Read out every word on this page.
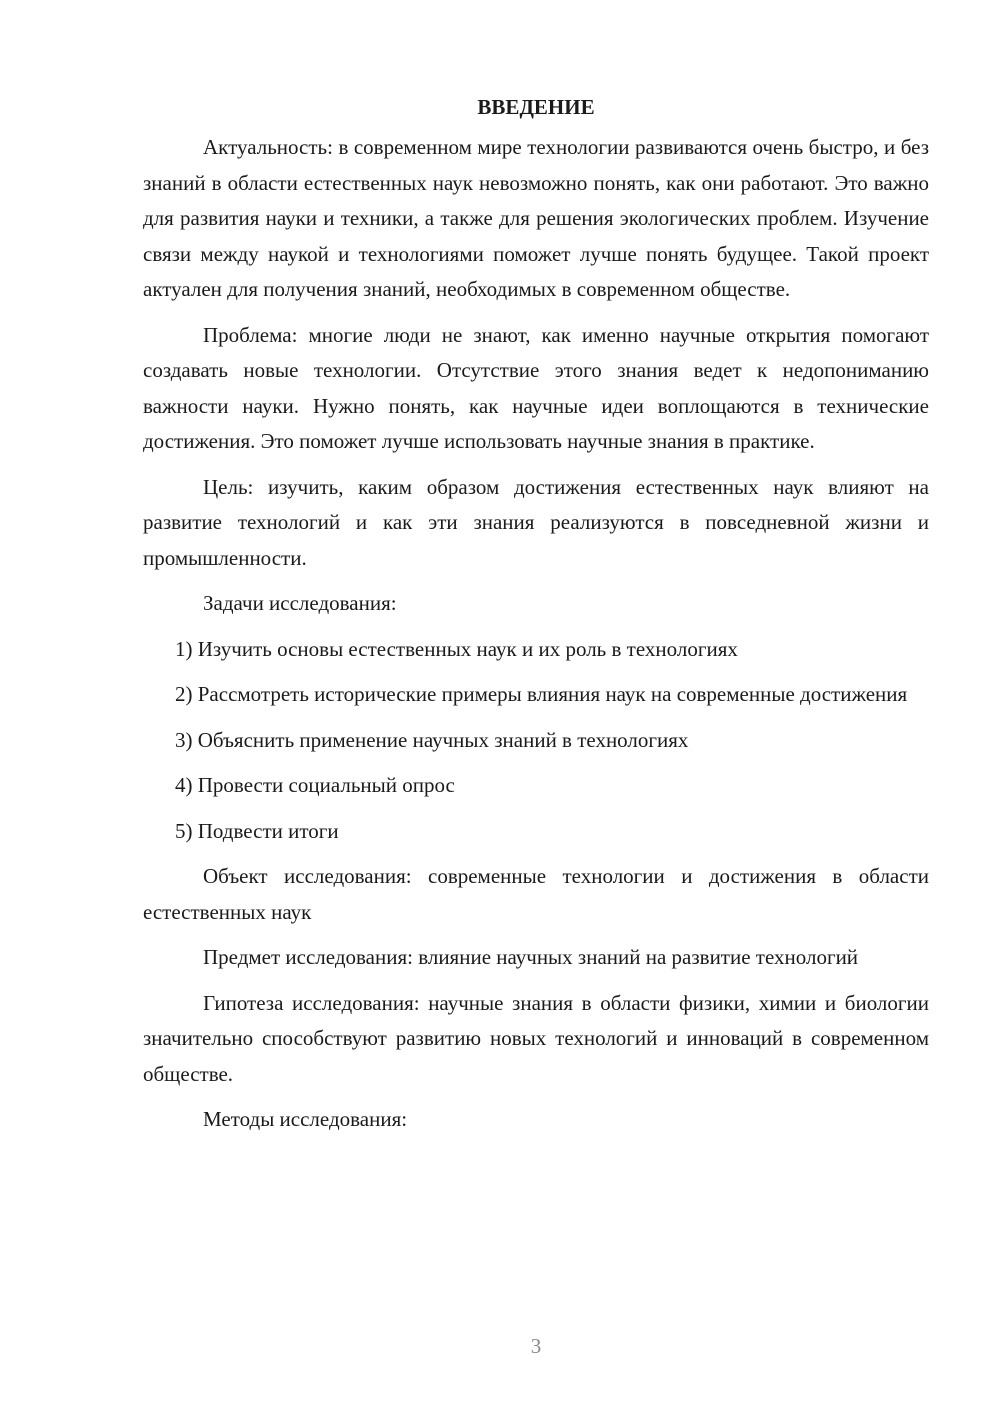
ВВЕДЕНИЕ

Актуальность: в современном мире технологии развиваются очень быстро, и без знаний в области естественных наук невозможно понять, как они работают. Это важно для развития науки и техники, а также для решения экологических проблем. Изучение связи между наукой и технологиями поможет лучше понять будущее. Такой проект актуален для получения знаний, необходимых в современном обществе.

Проблема: многие люди не знают, как именно научные открытия помогают создавать новые технологии. Отсутствие этого знания ведет к недопониманию важности науки. Нужно понять, как научные идеи воплощаются в технические достижения. Это поможет лучше использовать научные знания в практике.

Цель: изучить, каким образом достижения естественных наук влияют на развитие технологий и как эти знания реализуются в повседневной жизни и промышленности.

Задачи исследования:

1) Изучить основы естественных наук и их роль в технологиях

2) Рассмотреть исторические примеры влияния наук на современные достижения

3) Объяснить применение научных знаний в технологиях

4) Провести социальный опрос

5) Подвести итоги

Объект исследования: современные технологии и достижения в области естественных наук

Предмет исследования: влияние научных знаний на развитие технологий

Гипотеза исследования: научные знания в области физики, химии и биологии значительно способствуют развитию новых технологий и инноваций в современном обществе.

Методы исследования:

3
